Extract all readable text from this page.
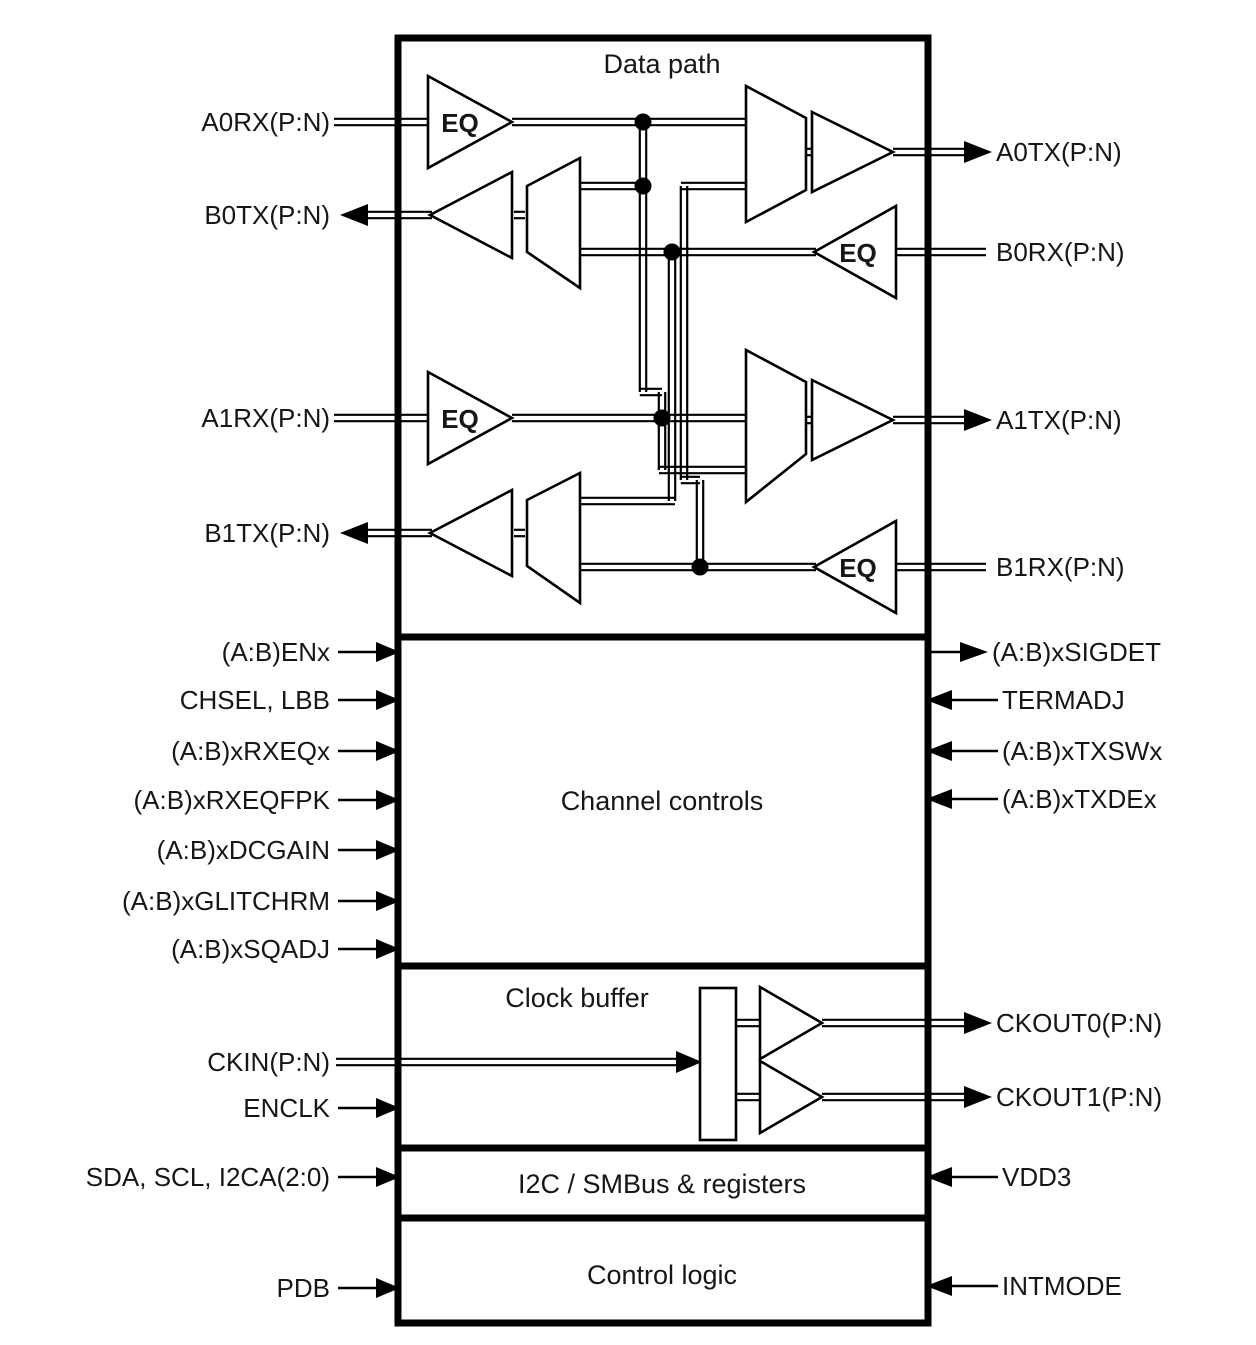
EQ
EQ
EQ
EQ
Data path
Channel controls
Clock buffer
I2C / SMBus & registers
Control logic
A0RX(P:N)
B0TX(P:N)
A1RX(P:N)
B1TX(P:N)
(A:B)ENx
CHSEL, LBB
(A:B)xRXEQx
(A:B)xRXEQFPK
(A:B)xDCGAIN
(A:B)xGLITCHRM
(A:B)xSQADJ
CKIN(P:N)
ENCLK
SDA, SCL, I2CA(2:0)
PDB
A0TX(P:N)
B0RX(P:N)
A1TX(P:N)
B1RX(P:N)
(A:B)xSIGDET
TERMADJ
(A:B)xTXSWx
(A:B)xTXDEx
CKOUT0(P:N)
CKOUT1(P:N)
VDD3
INTMODE
